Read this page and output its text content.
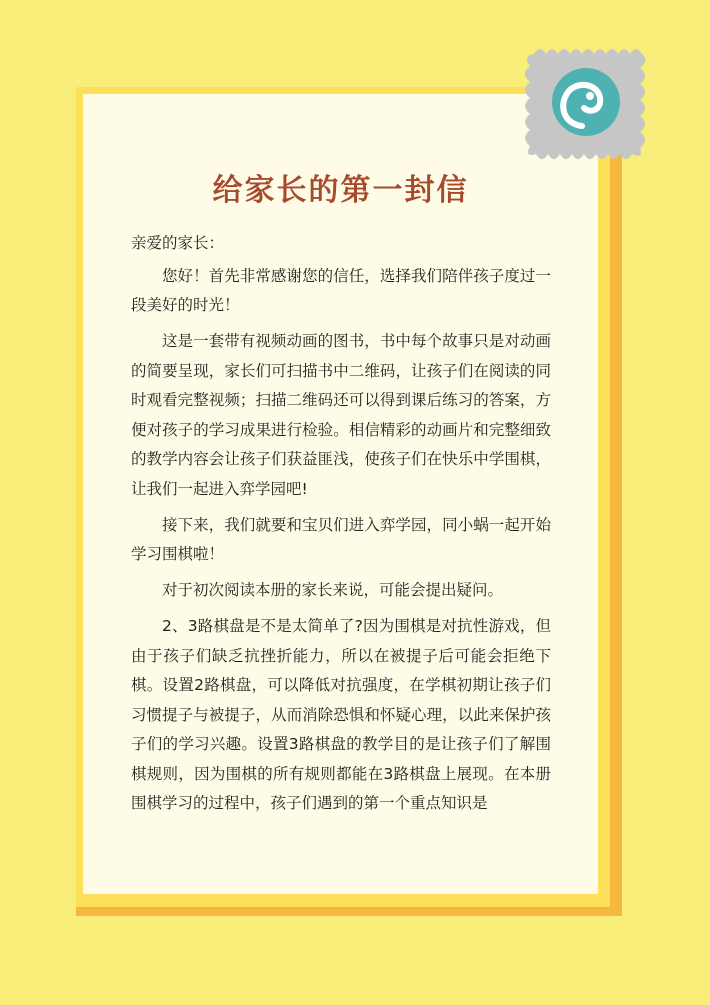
给家长的第一封信

亲爱的家长：

您好！首先非常感谢您的信任，选择我们陪伴孩子度过一段美好的时光！

这是一套带有视频动画的图书，书中每个故事只是对动画的简要呈现，家长们可扫描书中二维码，让孩子们在阅读的同时观看完整视频；扫描二维码还可以得到课后练习的答案，方便对孩子的学习成果进行检验。相信精彩的动画片和完整细致的教学内容会让孩子们获益匪浅，使孩子们在快乐中学围棋，让我们一起进入弈学园吧!

接下来，我们就要和宝贝们进入弈学园，同小蜗一起开始学习围棋啦！

对于初次阅读本册的家长来说，可能会提出疑问。

2、3路棋盘是不是太简单了?因为围棋是对抗性游戏，但由于孩子们缺乏抗挫折能力，所以在被提子后可能会拒绝下棋。设置2路棋盘，可以降低对抗强度，在学棋初期让孩子们习惯提子与被提子，从而消除恐惧和怀疑心理，以此来保护孩子们的学习兴趣。设置3路棋盘的教学目的是让孩子们了解围棋规则，因为围棋的所有规则都能在3路棋盘上展现。在本册围棋学习的过程中，孩子们遇到的第一个重点知识是
